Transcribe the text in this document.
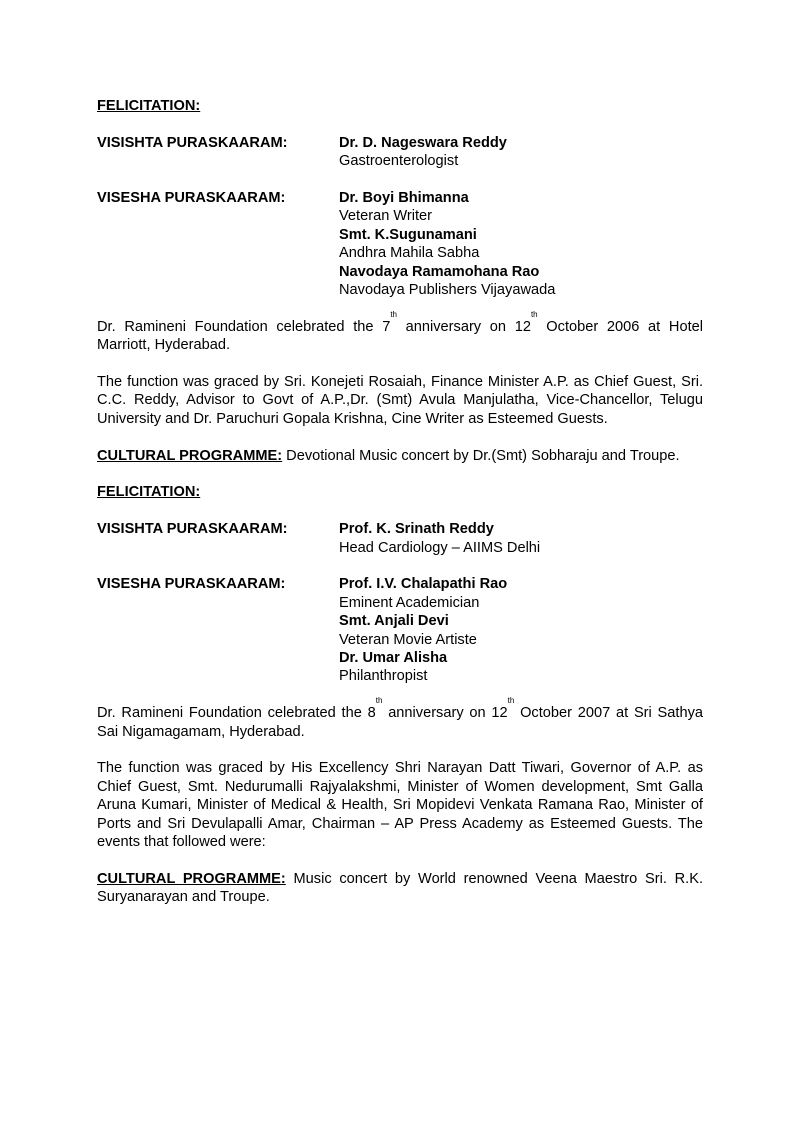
FELICITATION:
VISISHTA PURASKAARAM:	Dr. D. Nageswara Reddy
Gastroenterologist
VISESHA PURASKAARAM:	Dr. Boyi Bhimanna
Veteran Writer
Smt. K.Sugunamani
Andhra Mahila Sabha
Navodaya Ramamohana Rao
Navodaya Publishers Vijayawada

Dr. Ramineni Foundation celebrated the 7th anniversary on 12th October 2006 at Hotel Marriott, Hyderabad.

The function was graced by Sri. Konejeti Rosaiah, Finance Minister A.P. as Chief Guest, Sri. C.C. Reddy, Advisor to Govt of A.P.,Dr. (Smt) Avula Manjulatha, Vice-Chancellor, Telugu University and Dr. Paruchuri Gopala Krishna, Cine Writer as Esteemed Guests.

CULTURAL PROGRAMME: Devotional Music concert by Dr.(Smt) Sobharaju and Troupe.

FELICITATION:
VISISHTA PURASKAARAM:	Prof. K. Srinath Reddy
Head Cardiology – AIIMS Delhi
VISESHA PURASKAARAM:	Prof. I.V. Chalapathi Rao
Eminent Academician
Smt. Anjali Devi
Veteran Movie Artiste
Dr. Umar Alisha
Philanthropist

Dr. Ramineni Foundation celebrated the 8th anniversary on 12th October 2007 at Sri Sathya Sai Nigamagamam, Hyderabad.

The function was graced by His Excellency Shri Narayan Datt Tiwari, Governor of A.P. as Chief Guest, Smt. Nedurumalli Rajyalakshmi, Minister of Women development, Smt Galla Aruna Kumari, Minister of Medical & Health, Sri Mopidevi Venkata Ramana Rao, Minister of Ports and Sri Devulapalli Amar, Chairman – AP Press Academy as Esteemed Guests. The events that followed were:

CULTURAL PROGRAMME: Music concert by World renowned Veena Maestro Sri. R.K. Suryanarayan and Troupe.
